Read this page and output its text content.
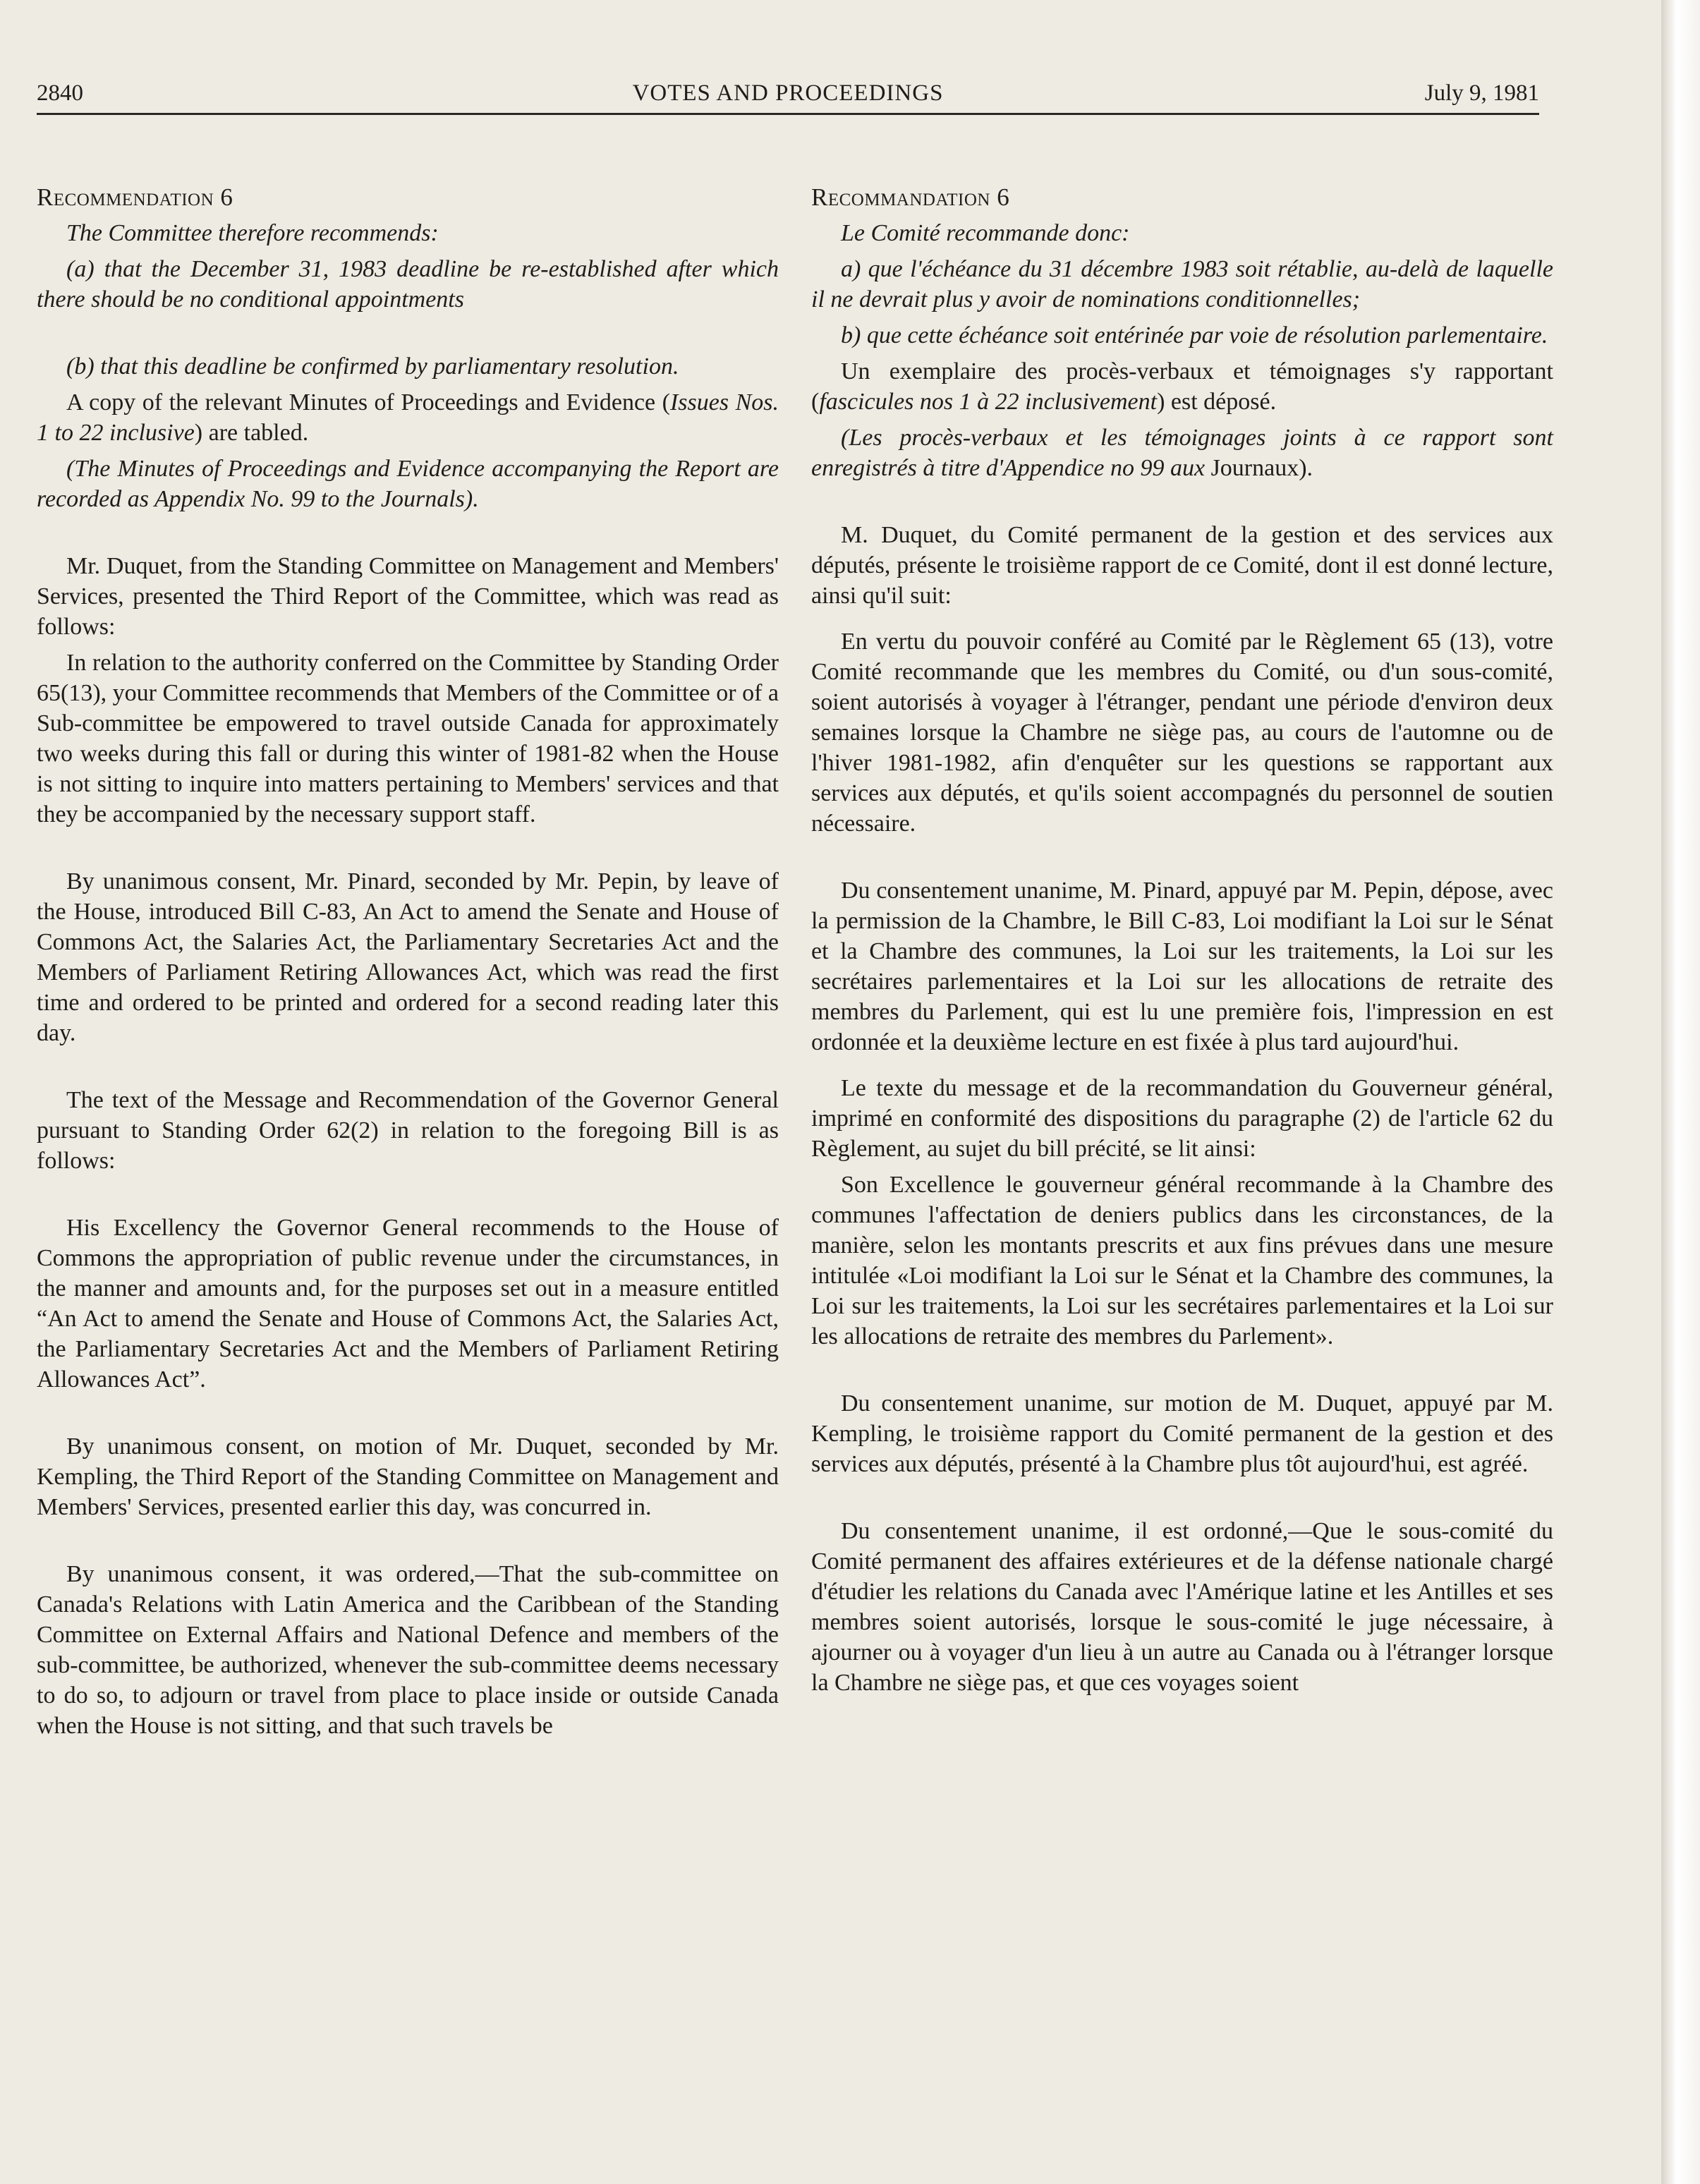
2840	VOTES AND PROCEEDINGS	July 9, 1981

Recommendation 6

The Committee therefore recommends:

(a) that the December 31, 1983 deadline be re-established after which there should be no conditional appointments

(b) that this deadline be confirmed by parliamentary resolution.

A copy of the relevant Minutes of Proceedings and Evidence (Issues Nos. 1 to 22 inclusive) are tabled.

(The Minutes of Proceedings and Evidence accompanying the Report are recorded as Appendix No. 99 to the Journals).

Mr. Duquet, from the Standing Committee on Management and Members' Services, presented the Third Report of the Committee, which was read as follows:

In relation to the authority conferred on the Committee by Standing Order 65(13), your Committee recommends that Members of the Committee or of a Sub-committee be empowered to travel outside Canada for approximately two weeks during this fall or during this winter of 1981-82 when the House is not sitting to inquire into matters pertaining to Members' services and that they be accompanied by the necessary support staff.

By unanimous consent, Mr. Pinard, seconded by Mr. Pepin, by leave of the House, introduced Bill C-83, An Act to amend the Senate and House of Commons Act, the Salaries Act, the Parliamentary Secretaries Act and the Members of Parliament Retiring Allowances Act, which was read the first time and ordered to be printed and ordered for a second reading later this day.

The text of the Message and Recommendation of the Governor General pursuant to Standing Order 62(2) in relation to the foregoing Bill is as follows:

His Excellency the Governor General recommends to the House of Commons the appropriation of public revenue under the circumstances, in the manner and amounts and, for the purposes set out in a measure entitled “An Act to amend the Senate and House of Commons Act, the Salaries Act, the Parliamentary Secretaries Act and the Members of Parliament Retiring Allowances Act”.

By unanimous consent, on motion of Mr. Duquet, seconded by Mr. Kempling, the Third Report of the Standing Committee on Management and Members' Services, presented earlier this day, was concurred in.

By unanimous consent, it was ordered,—That the sub-committee on Canada's Relations with Latin America and the Caribbean of the Standing Committee on External Affairs and National Defence and members of the sub-committee, be authorized, whenever the sub-committee deems necessary to do so, to adjourn or travel from place to place inside or outside Canada when the House is not sitting, and that such travels be

Recommandation 6

Le Comité recommande donc:

a) que l'échéance du 31 décembre 1983 soit rétablie, au-delà de laquelle il ne devrait plus y avoir de nominations conditionnelles;

b) que cette échéance soit entérinée par voie de résolution parlementaire.

Un exemplaire des procès-verbaux et témoignages s'y rapportant (fascicules nos 1 à 22 inclusivement) est déposé.

(Les procès-verbaux et les témoignages joints à ce rapport sont enregistrés à titre d'Appendice no 99 aux Journaux).

M. Duquet, du Comité permanent de la gestion et des services aux députés, présente le troisième rapport de ce Comité, dont il est donné lecture, ainsi qu'il suit:

En vertu du pouvoir conféré au Comité par le Règlement 65 (13), votre Comité recommande que les membres du Comité, ou d'un sous-comité, soient autorisés à voyager à l'étranger, pendant une période d'environ deux semaines lorsque la Chambre ne siège pas, au cours de l'automne ou de l'hiver 1981-1982, afin d'enquêter sur les questions se rapportant aux services aux députés, et qu'ils soient accompagnés du personnel de soutien nécessaire.

Du consentement unanime, M. Pinard, appuyé par M. Pepin, dépose, avec la permission de la Chambre, le Bill C-83, Loi modifiant la Loi sur le Sénat et la Chambre des communes, la Loi sur les traitements, la Loi sur les secrétaires parlementaires et la Loi sur les allocations de retraite des membres du Parlement, qui est lu une première fois, l'impression en est ordonnée et la deuxième lecture en est fixée à plus tard aujourd'hui.

Le texte du message et de la recommandation du Gouverneur général, imprimé en conformité des dispositions du paragraphe (2) de l'article 62 du Règlement, au sujet du bill précité, se lit ainsi:

Son Excellence le gouverneur général recommande à la Chambre des communes l'affectation de deniers publics dans les circonstances, de la manière, selon les montants prescrits et aux fins prévues dans une mesure intitulée «Loi modifiant la Loi sur le Sénat et la Chambre des communes, la Loi sur les traitements, la Loi sur les secrétaires parlementaires et la Loi sur les allocations de retraite des membres du Parlement».

Du consentement unanime, sur motion de M. Duquet, appuyé par M. Kempling, le troisième rapport du Comité permanent de la gestion et des services aux députés, présenté à la Chambre plus tôt aujourd'hui, est agréé.

Du consentement unanime, il est ordonné,—Que le sous-comité du Comité permanent des affaires extérieures et de la défense nationale chargé d'étudier les relations du Canada avec l'Amérique latine et les Antilles et ses membres soient autorisés, lorsque le sous-comité le juge nécessaire, à ajourner ou à voyager d'un lieu à un autre au Canada ou à l'étranger lorsque la Chambre ne siège pas, et que ces voyages soient
